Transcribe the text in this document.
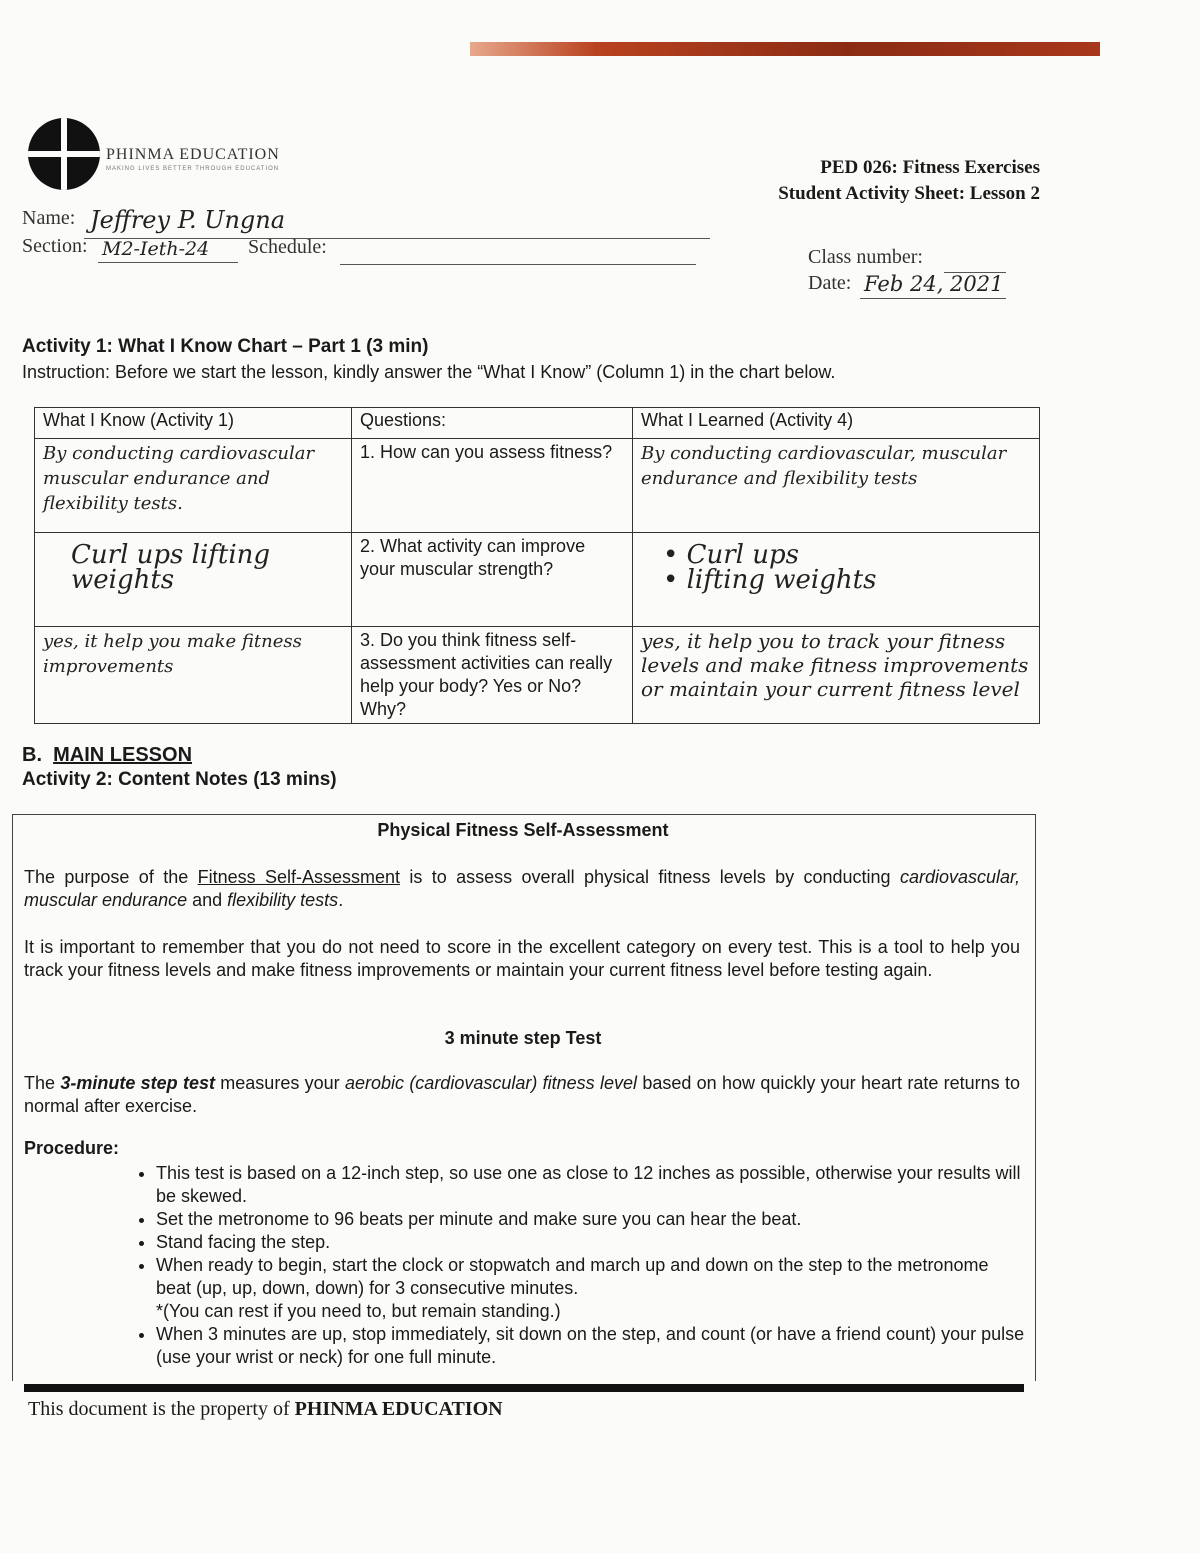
PHINMA EDUCATION
MAKING LIVES BETTER THROUGH EDUCATION	PED 026: Fitness Exercises
Student Activity Sheet: Lesson 2
Name: Jeffrey P. Ungna
Section: M2-Ieth-24 Schedule:	Class number:
Date: Feb 24, 2021
Activity 1: What I Know Chart – Part 1 (3 min)
Instruction: Before we start the lesson, kindly answer the “What I Know” (Column 1) in the chart below.
What I Know (Activity 1)	Questions:	What I Learned (Activity 4)
By conducting cardiovascular muscular endurance and flexibility tests.	1. How can you assess fitness?	By conducting cardiovascular, muscular endurance and flexibility tests
Curl ups lifting weights	2. What activity can improve your muscular strength?	• Curl ups
• lifting weights
yes, it help you make fitness improvements	3. Do you think fitness self-assessment activities can really help your body? Yes or No? Why?	yes, it help you to track your fitness levels and make fitness improvements or maintain your current fitness level
B. MAIN LESSON
Activity 2: Content Notes (13 mins)
Physical Fitness Self-Assessment
The purpose of the Fitness Self-Assessment is to assess overall physical fitness levels by conducting cardiovascular, muscular endurance and flexibility tests.
It is important to remember that you do not need to score in the excellent category on every test. This is a tool to help you track your fitness levels and make fitness improvements or maintain your current fitness level before testing again.
3 minute step Test
The 3-minute step test measures your aerobic (cardiovascular) fitness level based on how quickly your heart rate returns to normal after exercise.
Procedure:
• This test is based on a 12-inch step, so use one as close to 12 inches as possible, otherwise your results will be skewed.
• Set the metronome to 96 beats per minute and make sure you can hear the beat.
• Stand facing the step.
• When ready to begin, start the clock or stopwatch and march up and down on the step to the metronome beat (up, up, down, down) for 3 consecutive minutes.
*(You can rest if you need to, but remain standing.)
• When 3 minutes are up, stop immediately, sit down on the step, and count (or have a friend count) your pulse (use your wrist or neck) for one full minute.
This document is the property of PHINMA EDUCATION
